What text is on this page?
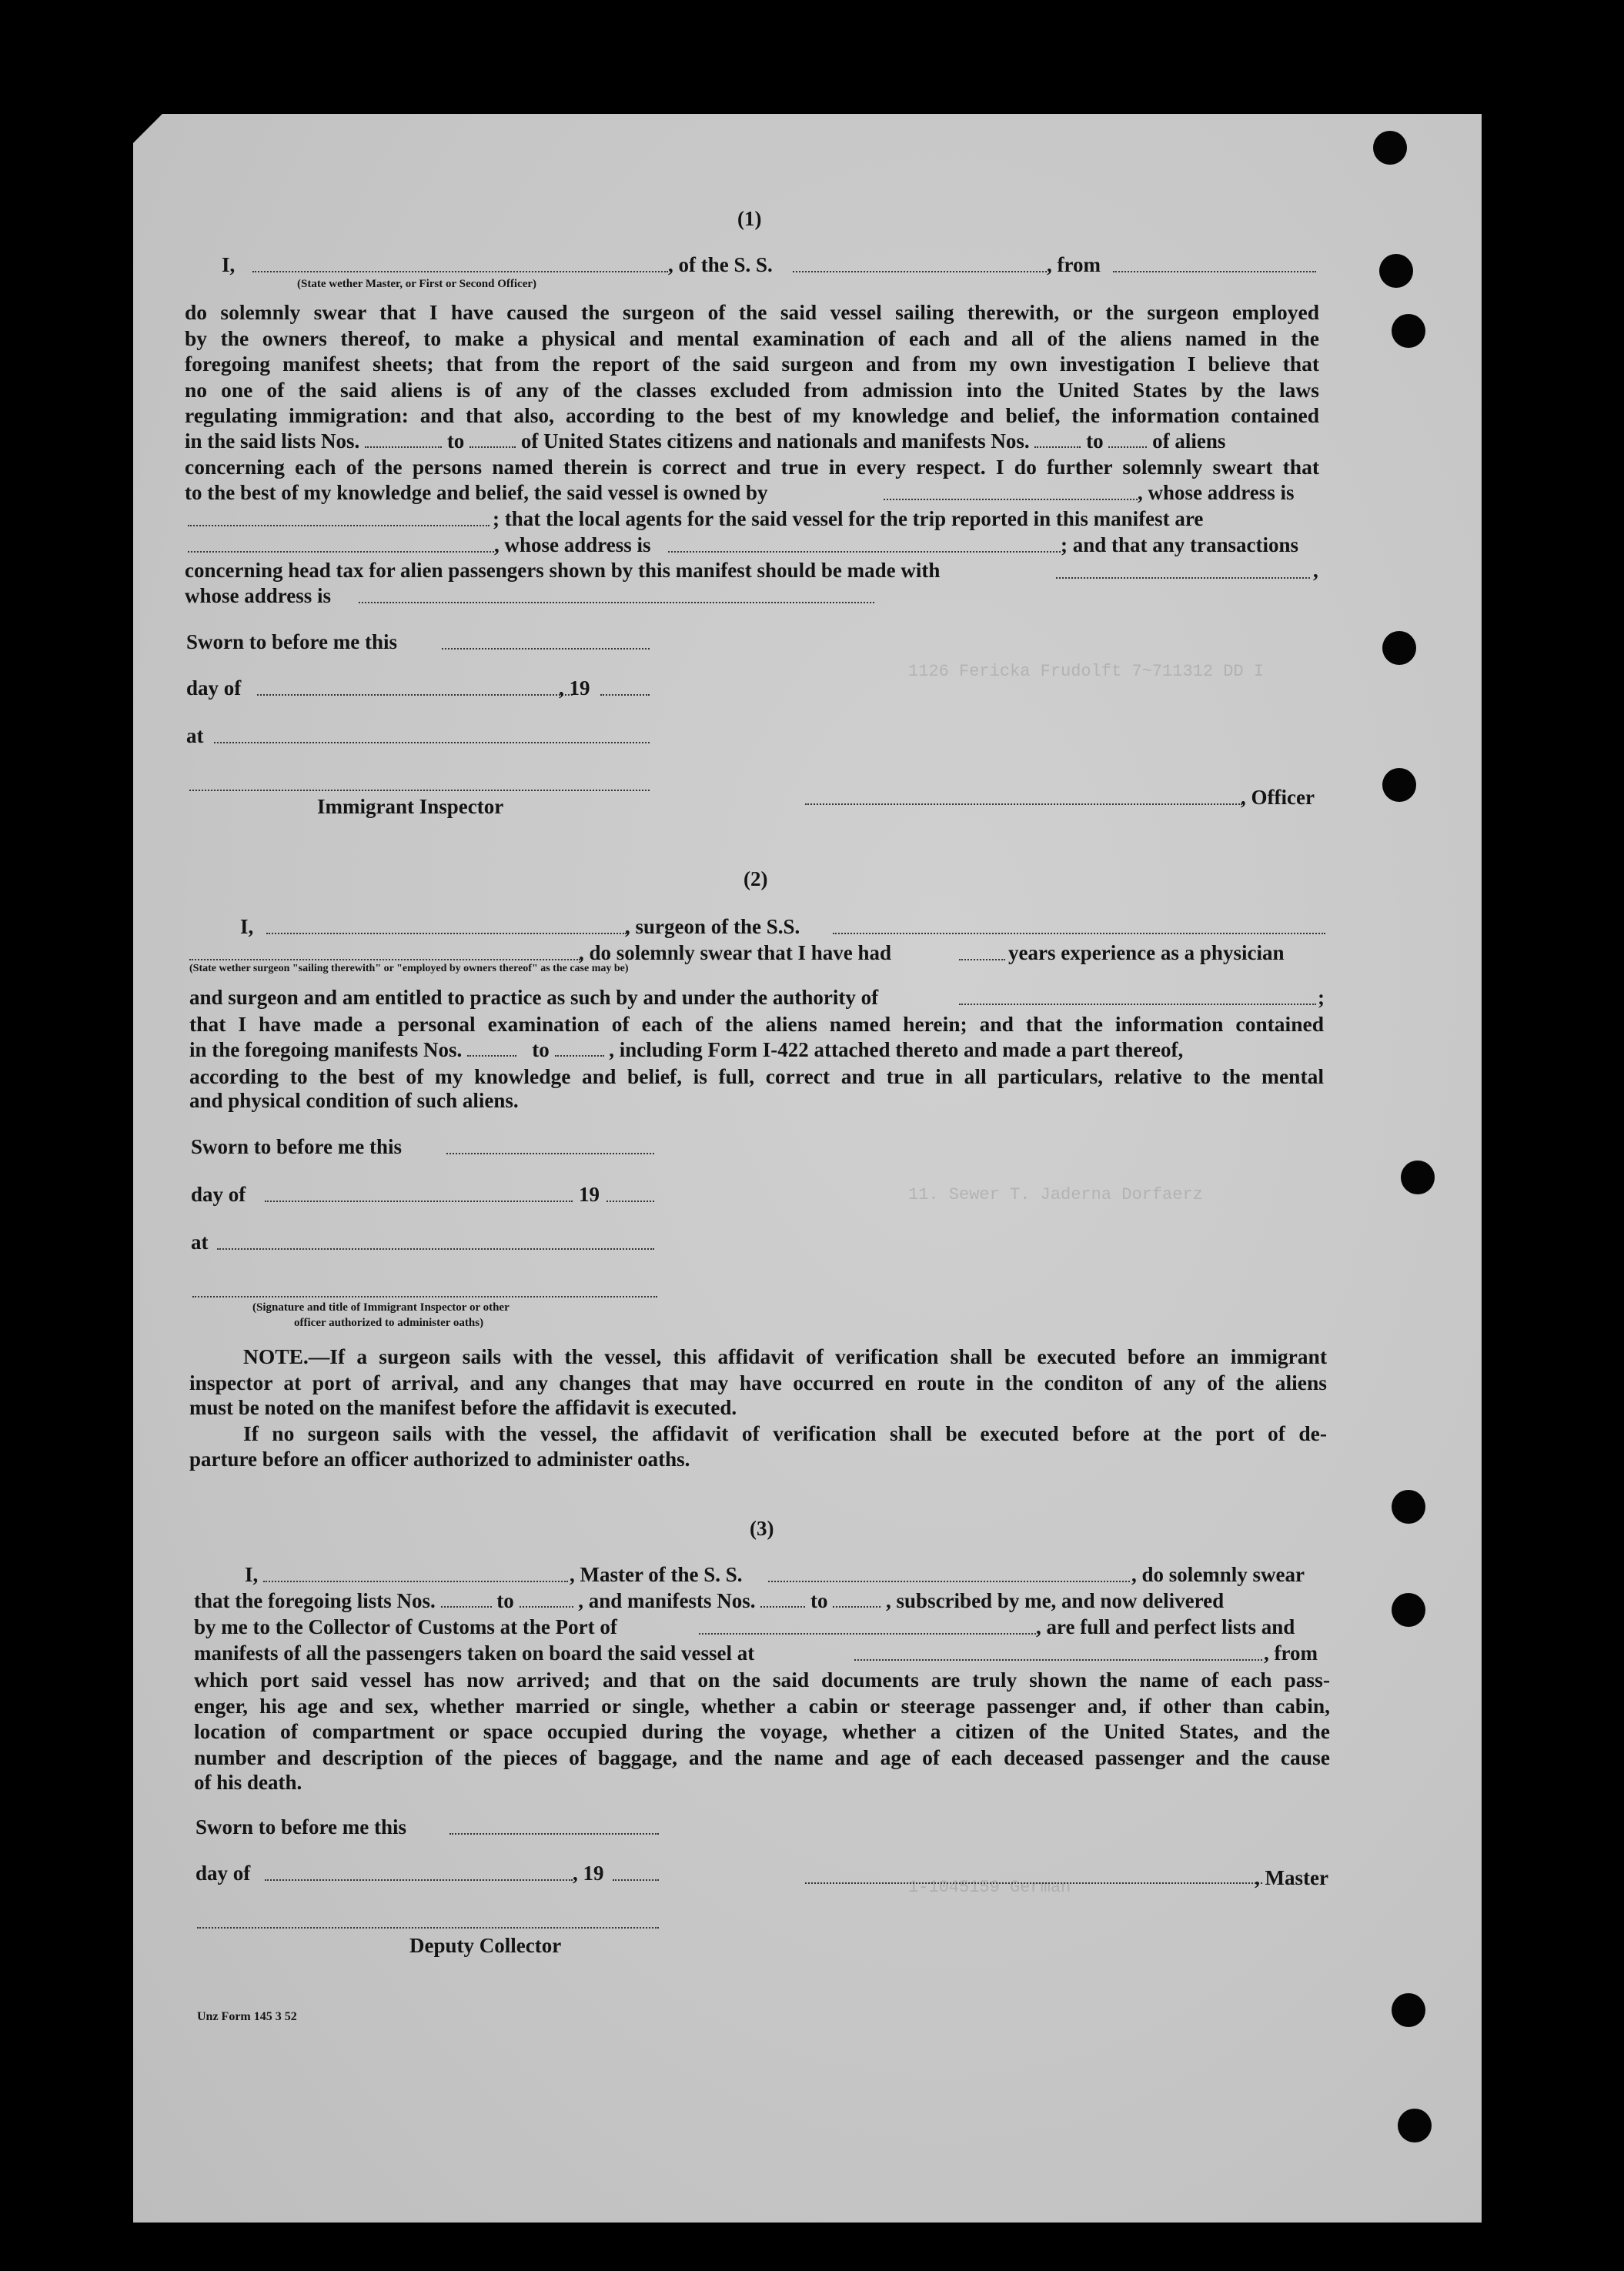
1126 Fericka Frudolft 7~711312 DD I
11. Sewer T. Jaderna Dorfaerz
1-1045159 German
(1)
I,	, of the S. S.	, from
(State wether Master, or First or Second Officer)
do solemnly swear that I have caused the surgeon of the said vessel sailing therewith, or the surgeon employed
by the owners thereof, to make a physical and mental examination of each and all of the aliens named in the
foregoing manifest sheets; that from the report of the said surgeon and from my own investigation I believe that
no one of the said aliens is of any of the classes excluded from admission into the United States by the laws
regulating immigration: and that also, according to the best of my knowledge and belief, the information contained
in the said lists Nos.	to	of United States citizens and nationals and manifests Nos.	to of aliens
concerning each of the persons named therein is correct and true in every respect. I do further solemnly sweart that
to the best of my knowledge and belief, the said vessel is owned by	, whose address is
; that the local agents for the said vessel for the trip reported in this manifest are
, whose address is	; and that any transactions
concerning head tax for alien passengers shown by this manifest should be made with	,
whose address is
Sworn to before me this
day of	, 19
at
Immigrant Inspector	, Officer
(2)
I,	, surgeon of the S.S.
, do solemnly swear that I have had	years experience as a physician
(State wether surgeon "sailing therewith" or "employed by owners thereof" as the case may be)
and surgeon and am entitled to practice as such by and under the authority of	;
that I have made a personal examination of each of the aliens named herein; and that the information contained
in the foregoing manifests Nos.	to	, including Form I-422 attached thereto and made a part thereof,
according to the best of my knowledge and belief, is full, correct and true in all particulars, relative to the mental
and physical condition of such aliens.
Sworn to before me this
day of	19
at
(Signature and title of Immigrant Inspector or other
officer authorized to administer oaths)
NOTE.—If a surgeon sails with the vessel, this affidavit of verification shall be executed before an immigrant
inspector at port of arrival, and any changes that may have occurred en route in the conditon of any of the aliens
must be noted on the manifest before the affidavit is executed.
If no surgeon sails with the vessel, the affidavit of verification shall be executed before at the port of de-
parture before an officer authorized to administer oaths.
(3)
I,	, Master of the S. S.	, do solemnly swear
that the foregoing lists Nos.	to	, and manifests Nos.	to	, subscribed by me, and now delivered
by me to the Collector of Customs at the Port of	, are full and perfect lists and
manifests of all the passengers taken on board the said vessel at	, from
which port said vessel has now arrived; and that on the said documents are truly shown the name of each pass-
enger, his age and sex, whether married or single, whether a cabin or steerage passenger and, if other than cabin,
location of compartment or space occupied during the voyage, whether a citizen of the United States, and the
number and description of the pieces of baggage, and the name and age of each deceased passenger and the cause
of his death.
Sworn to before me this
day of	, 19	, Master
Deputy Collector
Unz Form 145 3 52
